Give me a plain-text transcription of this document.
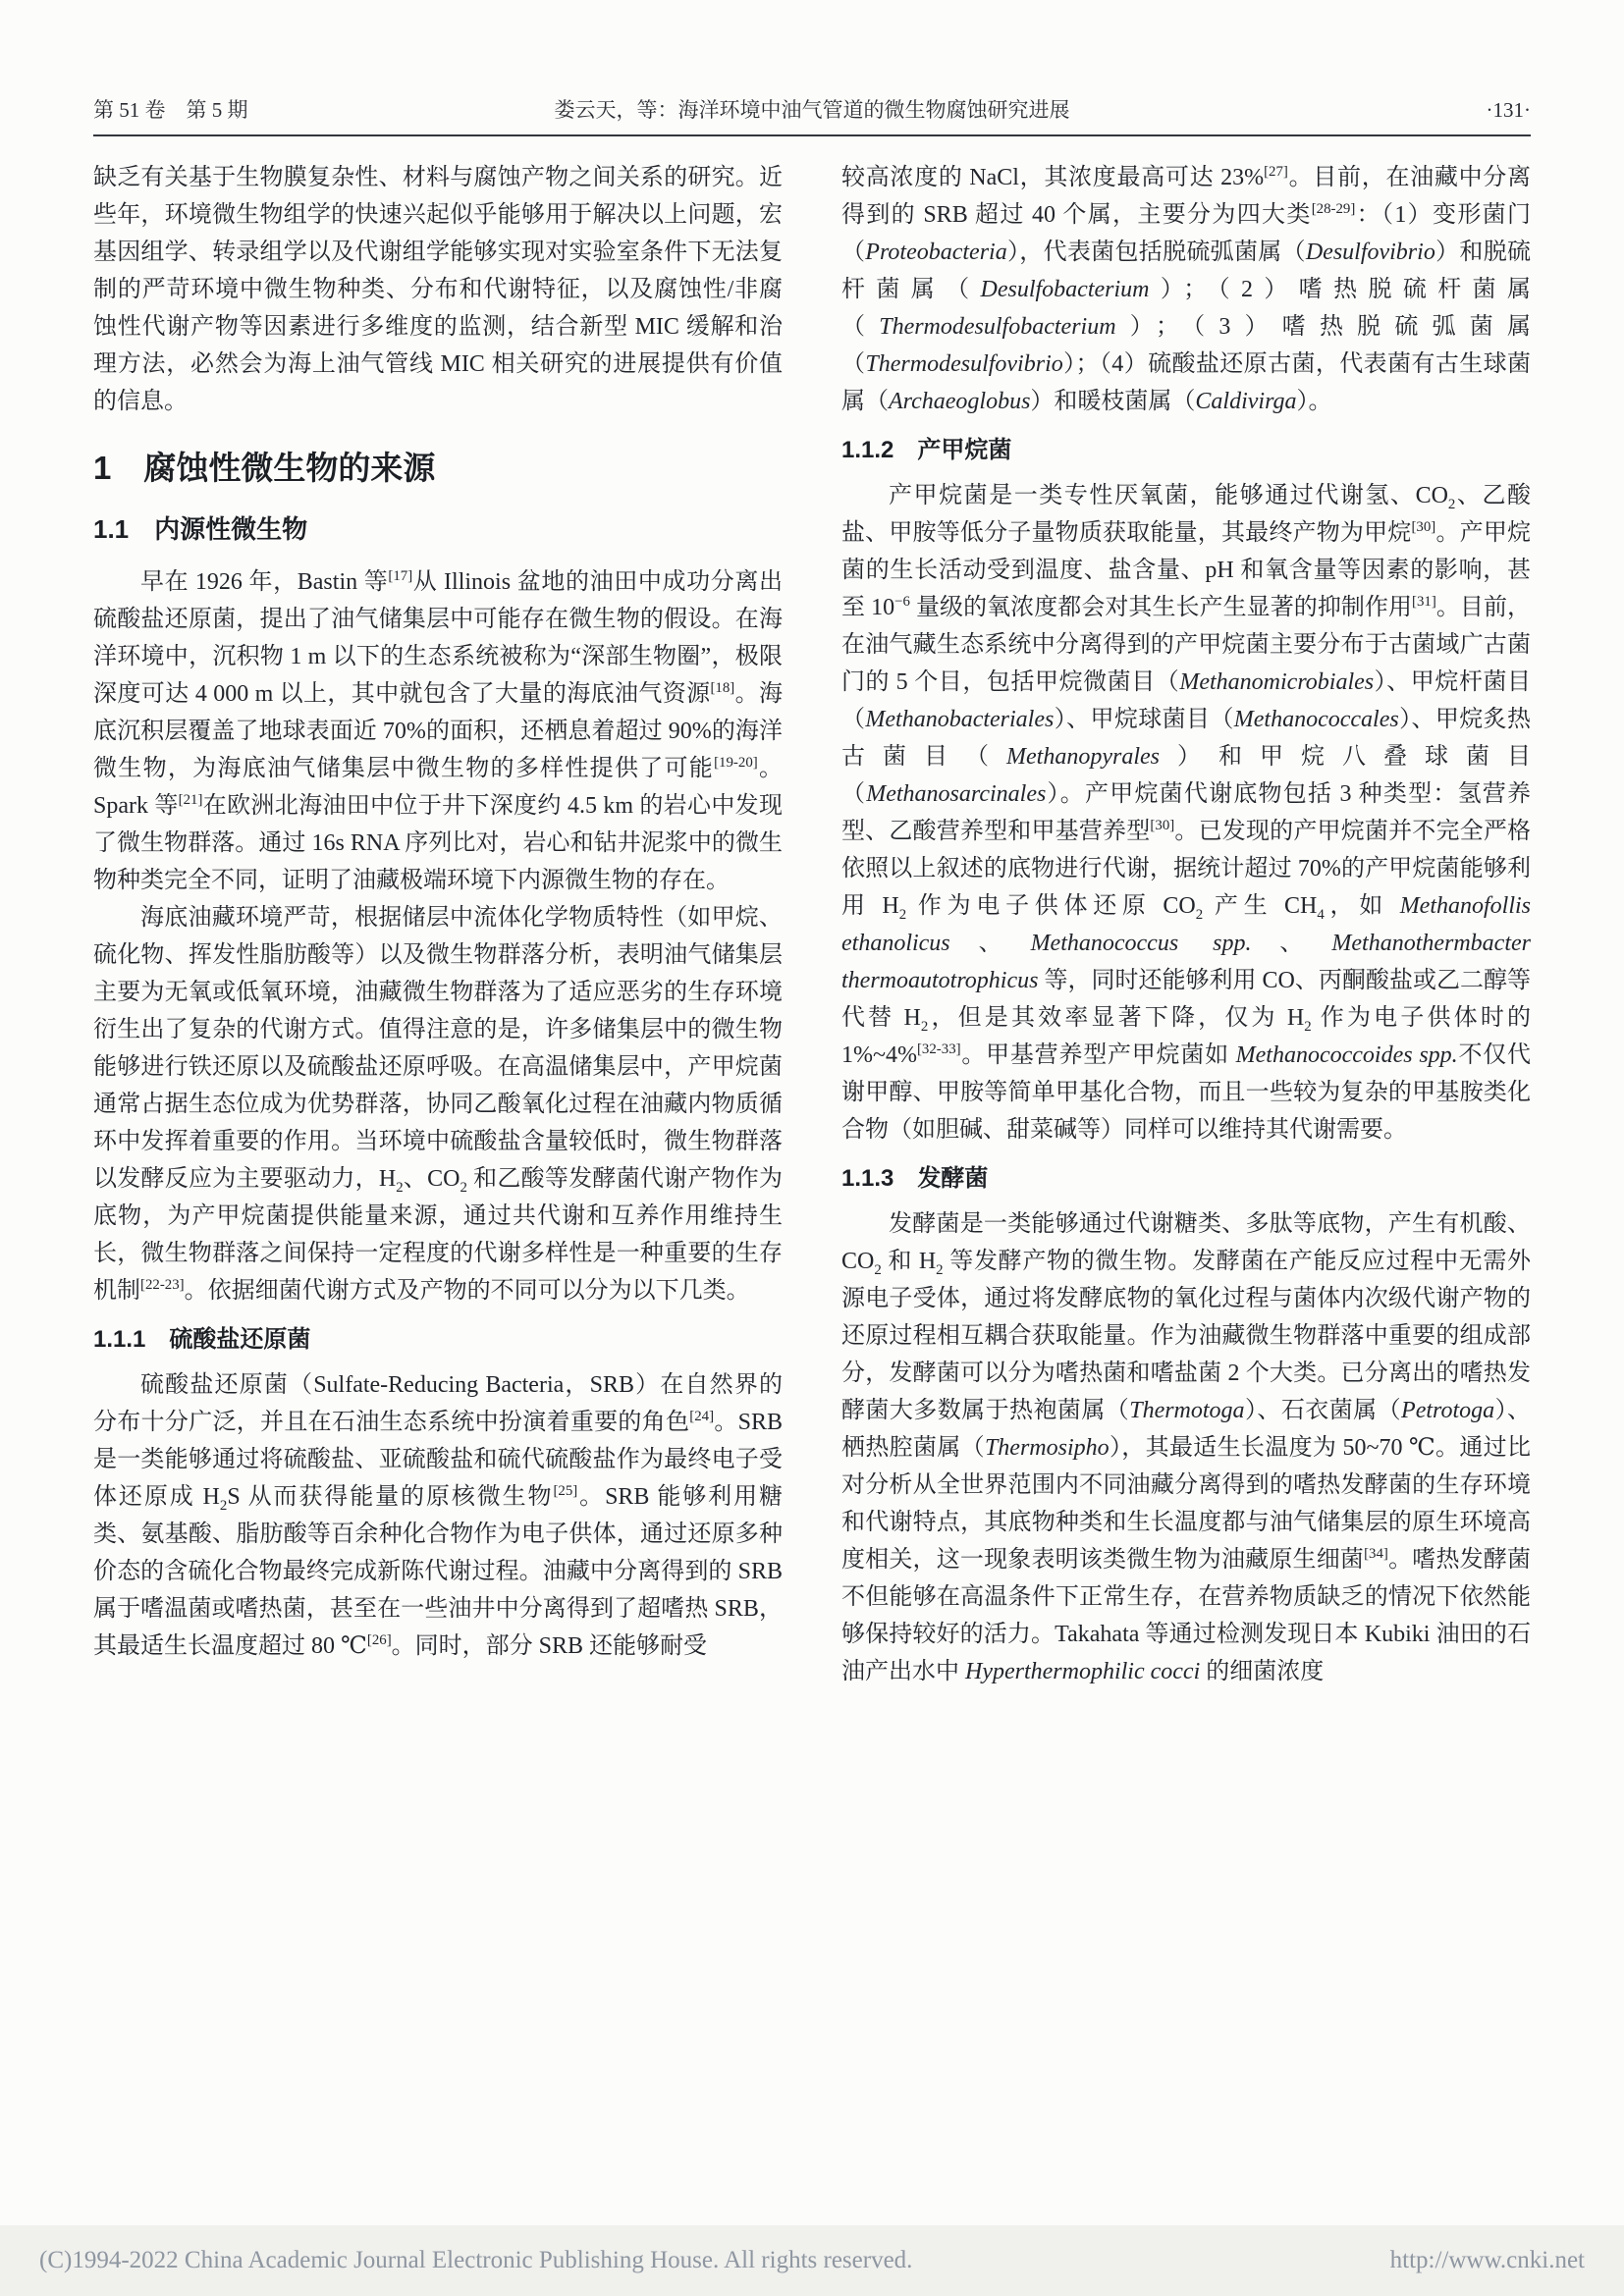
第 51 卷　第 5 期	娄云天，等：海洋环境中油气管道的微生物腐蚀研究进展	·131·

缺乏有关基于生物膜复杂性、材料与腐蚀产物之间关系的研究。近些年，环境微生物组学的快速兴起似乎能够用于解决以上问题，宏基因组学、转录组学以及代谢组学能够实现对实验室条件下无法复制的严苛环境中微生物种类、分布和代谢特征，以及腐蚀性/非腐蚀性代谢产物等因素进行多维度的监测，结合新型 MIC 缓解和治理方法，必然会为海上油气管线 MIC 相关研究的进展提供有价值的信息。

1　腐蚀性微生物的来源
1.1　内源性微生物

早在 1926 年，Bastin 等[17]从 Illinois 盆地的油田中成功分离出硫酸盐还原菌，提出了油气储集层中可能存在微生物的假设。在海洋环境中，沉积物 1 m 以下的生态系统被称为“深部生物圈”，极限深度可达 4 000 m 以上，其中就包含了大量的海底油气资源[18]。海底沉积层覆盖了地球表面近 70%的面积，还栖息着超过 90%的海洋微生物，为海底油气储集层中微生物的多样性提供了可能[19-20]。Spark 等[21]在欧洲北海油田中位于井下深度约 4.5 km 的岩心中发现了微生物群落。通过 16s RNA 序列比对，岩心和钻井泥浆中的微生物种类完全不同，证明了油藏极端环境下内源微生物的存在。

海底油藏环境严苛，根据储层中流体化学物质特性（如甲烷、硫化物、挥发性脂肪酸等）以及微生物群落分析，表明油气储集层主要为无氧或低氧环境，油藏微生物群落为了适应恶劣的生存环境衍生出了复杂的代谢方式。值得注意的是，许多储集层中的微生物能够进行铁还原以及硫酸盐还原呼吸。在高温储集层中，产甲烷菌通常占据生态位成为优势群落，协同乙酸氧化过程在油藏内物质循环中发挥着重要的作用。当环境中硫酸盐含量较低时，微生物群落以发酵反应为主要驱动力，$H_2$、$CO_2$ 和乙酸等发酵菌代谢产物作为底物，为产甲烷菌提供能量来源，通过共代谢和互养作用维持生长，微生物群落之间保持一定程度的代谢多样性是一种重要的生存机制[22-23]。依据细菌代谢方式及产物的不同可以分为以下几类。

1.1.1　硫酸盐还原菌

硫酸盐还原菌（Sulfate-Reducing Bacteria，SRB）在自然界的分布十分广泛，并且在石油生态系统中扮演着重要的角色[24]。SRB 是一类能够通过将硫酸盐、亚硫酸盐和硫代硫酸盐作为最终电子受体还原成 $H_2S$ 从而获得能量的原核微生物[25]。SRB 能够利用糖类、氨基酸、脂肪酸等百余种化合物作为电子供体，通过还原多种价态的含硫化合物最终完成新陈代谢过程。油藏中分离得到的 SRB 属于嗜温菌或嗜热菌，甚至在一些油井中分离得到了超嗜热 SRB，其最适生长温度超过 80 ℃[26]。同时，部分 SRB 还能够耐受

较高浓度的 NaCl，其浓度最高可达 23%[27]。目前，在油藏中分离得到的 SRB 超过 40 个属，主要分为四大类[28-29]：（1）变形菌门（Proteobacteria），代表菌包括脱硫弧菌属（Desulfovibrio）和脱硫杆菌属（Desulfobacterium）；（2）嗜热脱硫杆菌属（Thermodesulfobacterium）；（3）嗜热脱硫弧菌属（Thermodesulfovibrio）；（4）硫酸盐还原古菌，代表菌有古生球菌属（Archaeoglobus）和暖枝菌属（Caldivirga）。

1.1.2　产甲烷菌

产甲烷菌是一类专性厌氧菌，能够通过代谢氢、$CO_2$、乙酸盐、甲胺等低分子量物质获取能量，其最终产物为甲烷[30]。产甲烷菌的生长活动受到温度、盐含量、pH 和氧含量等因素的影响，甚至 $10^{-6}$ 量级的氧浓度都会对其生长产生显著的抑制作用[31]。目前，在油气藏生态系统中分离得到的产甲烷菌主要分布于古菌域广古菌门的 5 个目，包括甲烷微菌目（Methanomicrobiales）、甲烷杆菌目（Methanobacteriales）、甲烷球菌目（Methanococcales）、甲烷炙热古菌目（Methanopyrales）和甲烷八叠球菌目（Methanosarcinales）。产甲烷菌代谢底物包括 3 种类型：氢营养型、乙酸营养型和甲基营养型[30]。已发现的产甲烷菌并不完全严格依照以上叙述的底物进行代谢，据统计超过 70%的产甲烷菌能够利用 $H_2$ 作为电子供体还原 $CO_2$ 产生 $CH_4$，如 Methanofollis ethanolicus、Methanococcus spp.、Methanothermbacter thermoautotrophicus 等，同时还能够利用 CO、丙酮酸盐或乙二醇等代替 $H_2$，但是其效率显著下降，仅为 $H_2$ 作为电子供体时的 1%~4%[32-33]。甲基营养型产甲烷菌如 Methanococcoides spp.不仅代谢甲醇、甲胺等简单甲基化合物，而且一些较为复杂的甲基胺类化合物（如胆碱、甜菜碱等）同样可以维持其代谢需要。

1.1.3　发酵菌

发酵菌是一类能够通过代谢糖类、多肽等底物，产生有机酸、$CO_2$ 和 $H_2$ 等发酵产物的微生物。发酵菌在产能反应过程中无需外源电子受体，通过将发酵底物的氧化过程与菌体内次级代谢产物的还原过程相互耦合获取能量。作为油藏微生物群落中重要的组成部分，发酵菌可以分为嗜热菌和嗜盐菌 2 个大类。已分离出的嗜热发酵菌大多数属于热袍菌属（Thermotoga）、石衣菌属（Petrotoga）、栖热腔菌属（Thermosipho），其最适生长温度为 50~70 ℃。通过比对分析从全世界范围内不同油藏分离得到的嗜热发酵菌的生存环境和代谢特点，其底物种类和生长温度都与油气储集层的原生环境高度相关，这一现象表明该类微生物为油藏原生细菌[34]。嗜热发酵菌不但能够在高温条件下正常生存，在营养物质缺乏的情况下依然能够保持较好的活力。Takahata 等通过检测发现日本 Kubiki 油田的石油产出水中 Hyperthermophilic cocci 的细菌浓度

(C)1994-2022 China Academic Journal Electronic Publishing House. All rights reserved.	http://www.cnki.net
